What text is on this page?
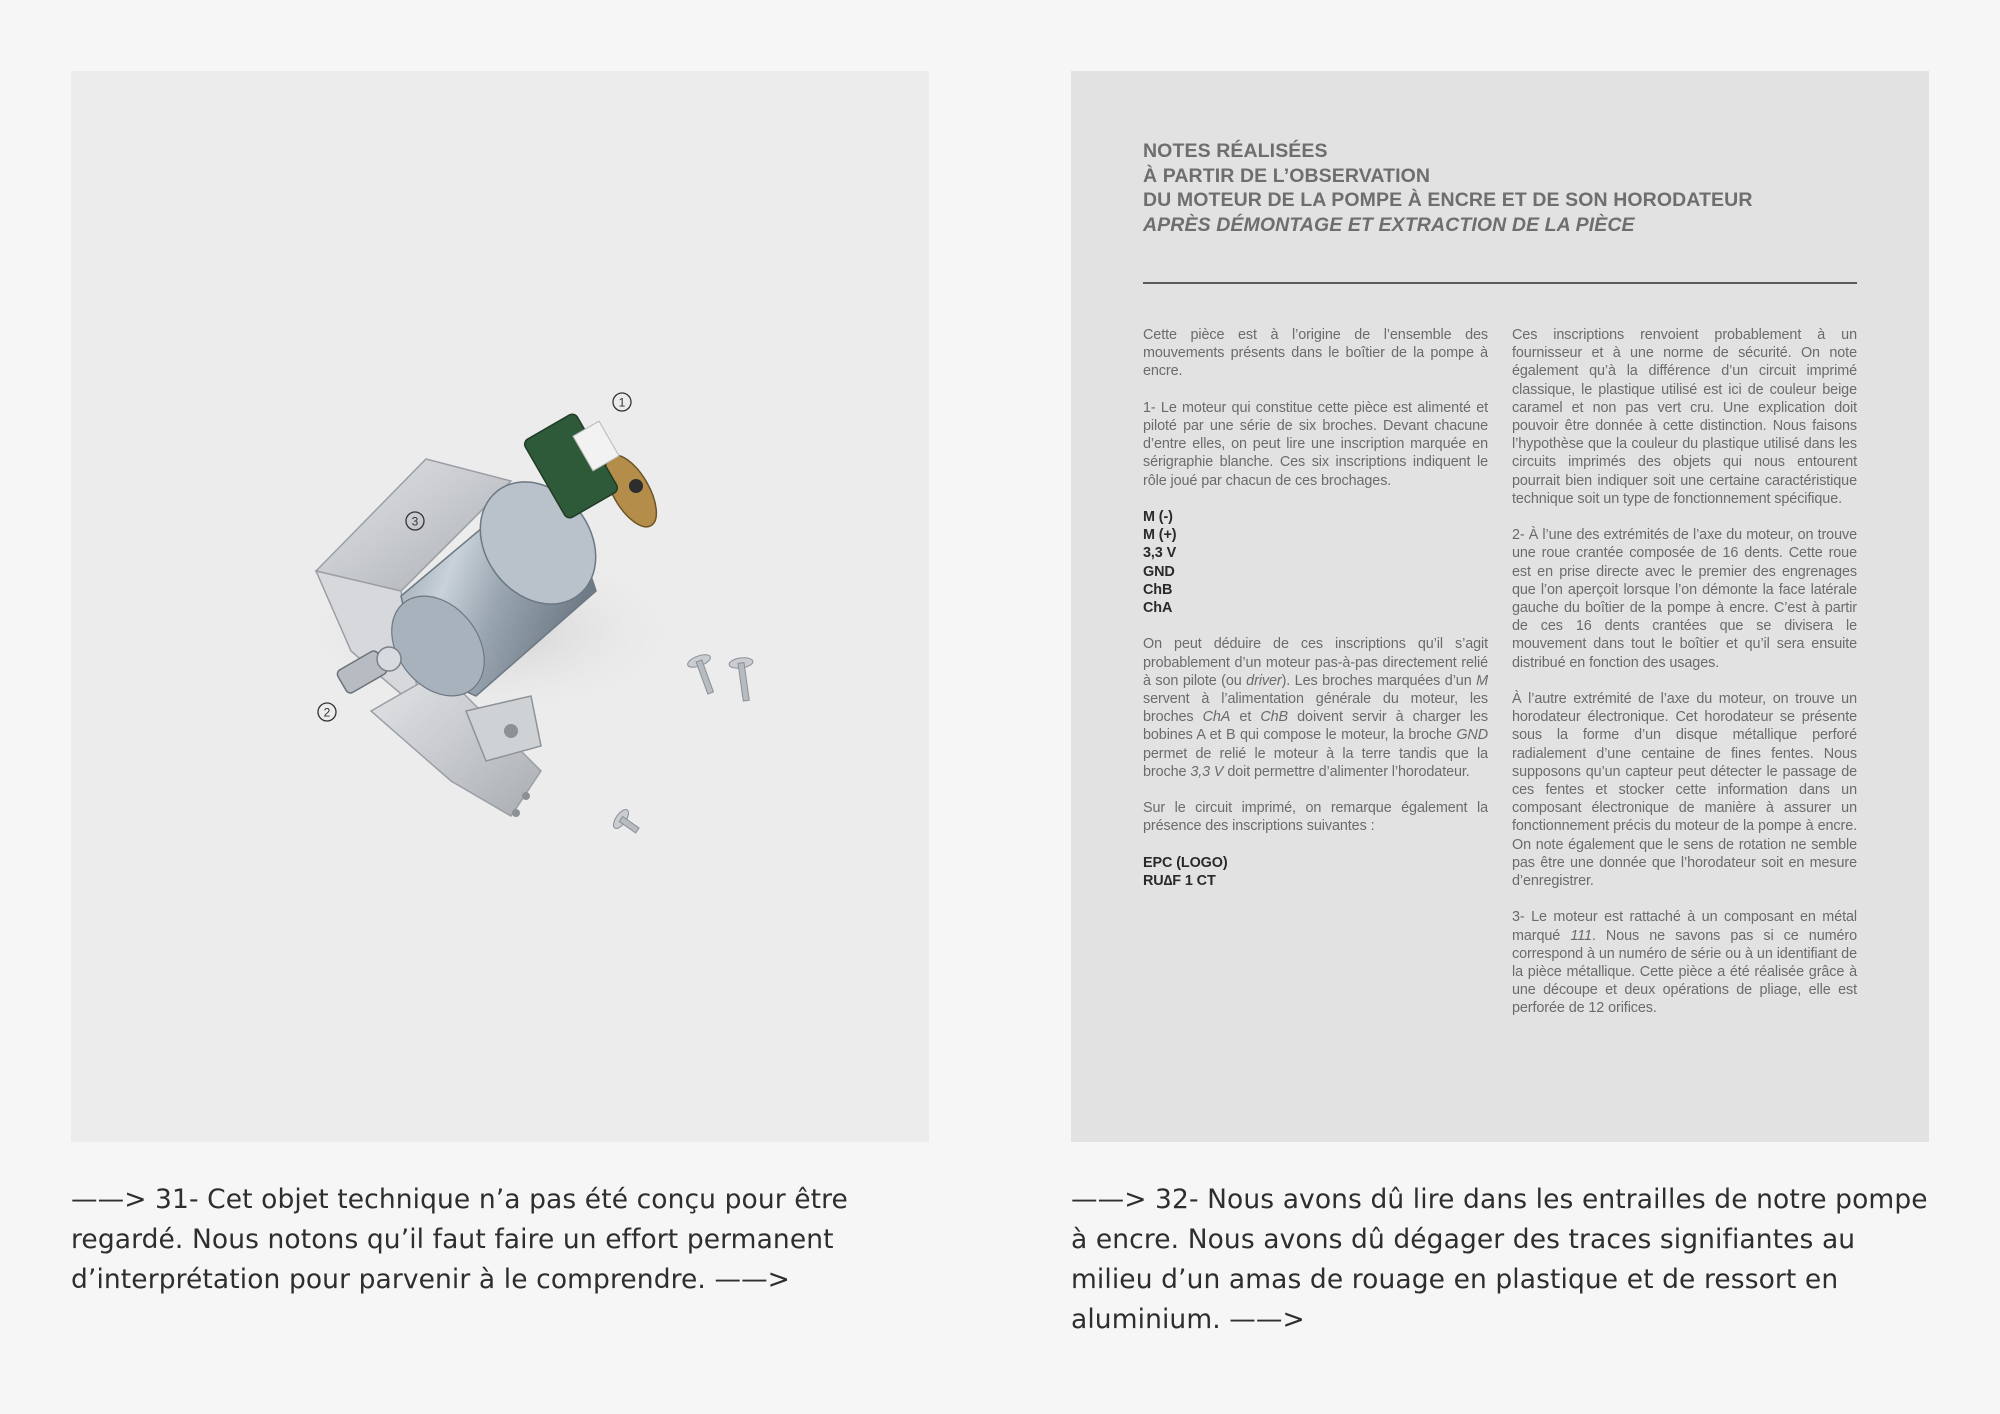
1
2
3
NOTES RÉALISÉES
À PARTIR DE L’OBSERVATION
DU MOTEUR DE LA POMPE À ENCRE ET DE SON HORODATEUR
APRÈS DÉMONTAGE ET EXTRACTION DE LA PIÈCE

Cette pièce est à l’origine de l’ensemble des mouvements présents dans le boîtier de la pompe à encre.

1- Le moteur qui constitue cette pièce est alimenté et piloté par une série de six broches. Devant chacune d’entre elles, on peut lire une inscription marquée en sérigraphie blanche. Ces six inscriptions indiquent le rôle joué par chacun de ces brochages.

M (-)
M (+)
3,3 V
GND
ChB
ChA

On peut déduire de ces inscriptions qu’il s’agit probablement d’un moteur pas-à-pas directement relié à son pilote (ou driver). Les broches marquées d’un M servent à l’alimentation générale du moteur, les broches ChA et ChB doivent servir à charger les bobines A et B qui compose le moteur, la broche GND permet de relié le moteur à la terre tandis que la broche 3,3 V doit permettre d’alimenter l’horodateur.

Sur le circuit imprimé, on remarque également la présence des inscriptions suivantes :

EPC (LOGO)
RU∆F 1 CT

Ces inscriptions renvoient probablement à un fournisseur et à une norme de sécurité. On note également qu’à la différence d’un circuit imprimé classique, le plastique utilisé est ici de couleur beige caramel et non pas vert cru. Une explication doit pouvoir être donnée à cette distinction. Nous faisons l’hypothèse que la couleur du plastique utilisé dans les circuits imprimés des objets qui nous entourent pourrait bien indiquer soit une certaine caractéristique technique soit un type de fonctionnement spécifique.

2- À l’une des extrémités de l’axe du moteur, on trouve une roue crantée composée de 16 dents. Cette roue est en prise directe avec le premier des engrenages que l’on aperçoit lorsque l’on démonte la face latérale gauche du boîtier de la pompe à encre. C’est à partir de ces 16 dents crantées que se divisera le mouvement dans tout le boîtier et qu’il sera ensuite distribué en fonction des usages.

À l’autre extrémité de l’axe du moteur, on trouve un horodateur électronique. Cet horodateur se présente sous la forme d’un disque métallique perforé radialement d’une centaine de fines fentes. Nous supposons qu’un capteur peut détecter le passage de ces fentes et stocker cette information dans un composant électronique de manière à assurer un fonctionnement précis du moteur de la pompe à encre. On note également que le sens de rotation ne semble pas être une donnée que l’horodateur soit en mesure d’enregistrer.

3- Le moteur est rattaché à un composant en métal marqué 111. Nous ne savons pas si ce numéro correspond à un numéro de série ou à un identifiant de la pièce métallique. Cette pièce a été réalisée grâce à une découpe et deux opérations de pliage, elle est perforée de 12 orifices.

——> 31- Cet objet technique n’a pas été conçu pour être regardé. Nous notons qu’il faut faire un effort permanent d’interprétation pour parvenir à le comprendre. ——>
——> 32- Nous avons dû lire dans les entrailles de notre pompe à encre. Nous avons dû dégager des traces signifiantes au milieu d’un amas de rouage en plastique et de ressort en aluminium. ——>
